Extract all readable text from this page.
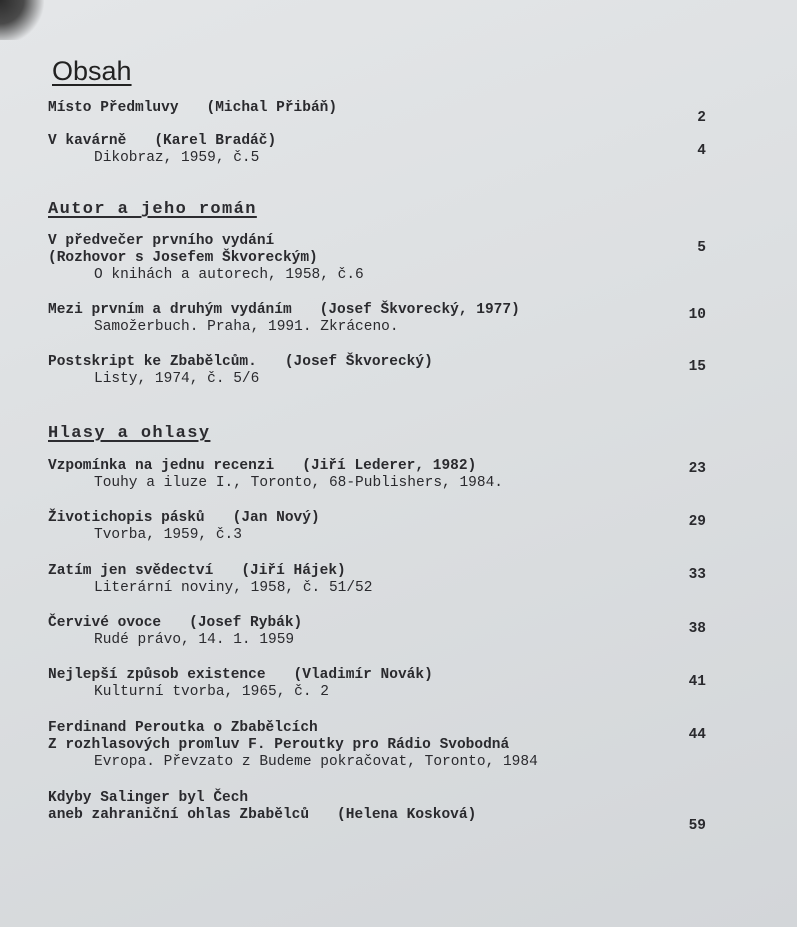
Obsah
Místo Předmluvy (Michal Přibáň)
2
V kavárně (Karel Bradáč)
Dikobraz, 1959, č.5	4
Autor a jeho román
V předvečer prvního vydání
(Rozhovor s Josefem Škvoreckým)
O knihách a autorech, 1958, č.6
5
Mezi prvním a druhým vydáním (Josef Škvorecký, 1977)
Samožerbuch. Praha, 1991. Zkráceno.
10
Postskript ke Zbabělcům. (Josef Škvorecký)
Listy, 1974, č. 5/6
15
Hlasy a ohlasy
Vzpomínka na jednu recenzi (Jiří Lederer, 1982)
Touhy a iluze I., Toronto, 68-Publishers, 1984.
23
Životichopis pásků (Jan Nový)
Tvorba, 1959, č.3
29
Zatím jen svědectví (Jiří Hájek)
Literární noviny, 1958, č. 51/52
33
Červivé ovoce (Josef Rybák)
Rudé právo, 14. 1. 1959
38
Nejlepší způsob existence (Vladimír Novák)
Kulturní tvorba, 1965, č. 2
41
Ferdinand Peroutka o Zbabělcích
Z rozhlasových promluv F. Peroutky pro Rádio Svobodná
Evropa. Převzato z Budeme pokračovat, Toronto, 1984
44
Kdyby Salinger byl Čech
aneb zahraniční ohlas Zbabělců (Helena Kosková)
59
